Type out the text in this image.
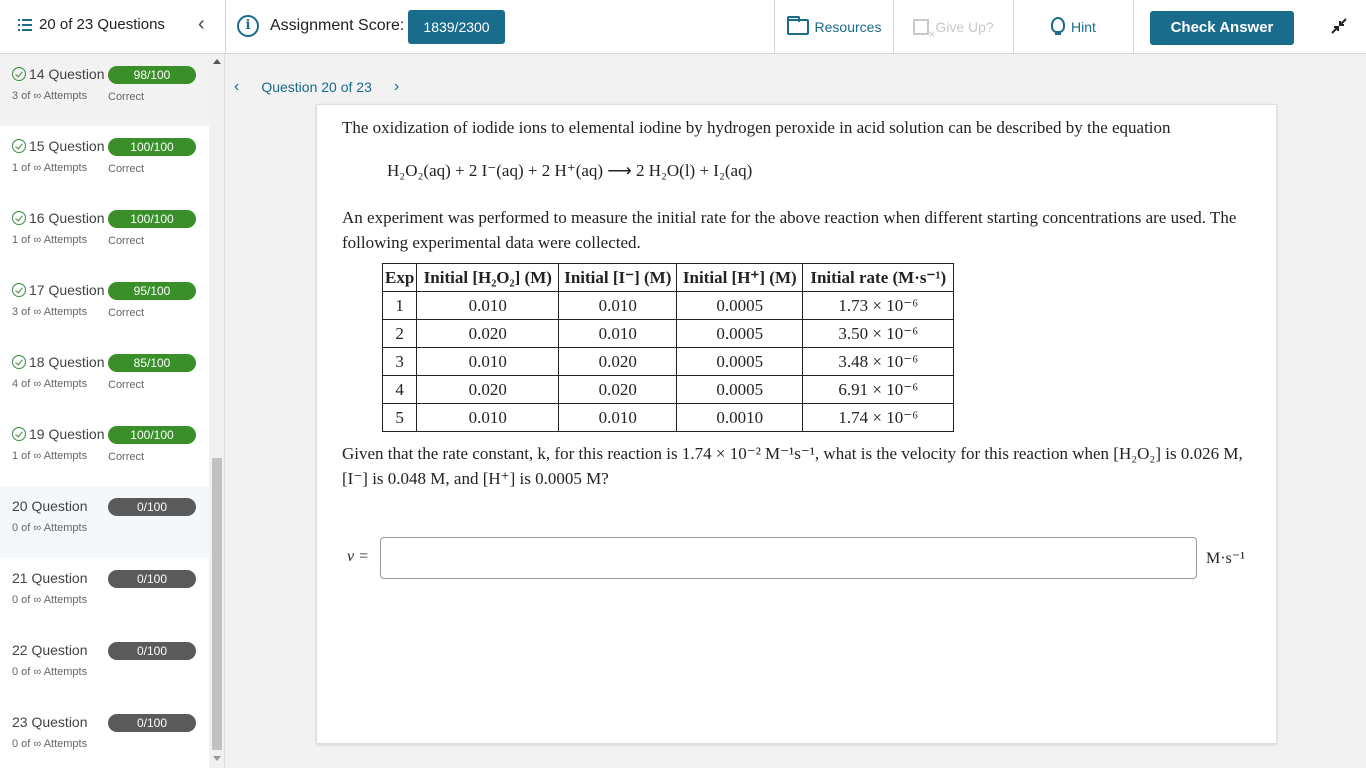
20 of 23 Questions ‹	i	Assignment Score:	1839/2300	Resources ×	Give Up?	Hint	Check Answer
14 Question	98/100
3 of ∞ Attempts Correct
15 Question	100/100
1 of ∞ Attempts Correct
16 Question	100/100
1 of ∞ Attempts Correct
17 Question	95/100
3 of ∞ Attempts Correct
18 Question	85/100
4 of ∞ Attempts Correct
19 Question	100/100
1 of ∞ Attempts Correct
20 Question	0/100
0 of ∞ Attempts
21 Question	0/100
0 of ∞ Attempts
22 Question	0/100
0 of ∞ Attempts
23 Question	0/100
0 of ∞ Attempts
‹ Question 20 of 23 ›
The oxidization of iodide ions to elemental iodine by hydrogen peroxide in acid solution can be described by the equation
H₂O₂(aq) + 2 I⁻(aq) + 2 H⁺(aq) ⟶ 2 H₂O(l) + I₂(aq)
An experiment was performed to measure the initial rate for the above reaction when different starting concentrations are used. The following experimental data were collected.
Exp	Initial [H₂O₂] (M)	Initial [I⁻] (M)	Initial [H⁺] (M)	Initial rate (M·s⁻¹)
1	0.010	0.010	0.0005	1.73 × 10⁻⁶
2	0.020	0.010	0.0005	3.50 × 10⁻⁶
3	0.010	0.020	0.0005	3.48 × 10⁻⁶
4	0.020	0.020	0.0005	6.91 × 10⁻⁶
5	0.010	0.010	0.0010	1.74 × 10⁻⁶
Given that the rate constant, k, for this reaction is 1.74 × 10⁻² M⁻¹s⁻¹, what is the velocity for this reaction when [H₂O₂] is 0.026 M, [I⁻] is 0.048 M, and [H⁺] is 0.0005 M?
v =	M·s⁻¹
